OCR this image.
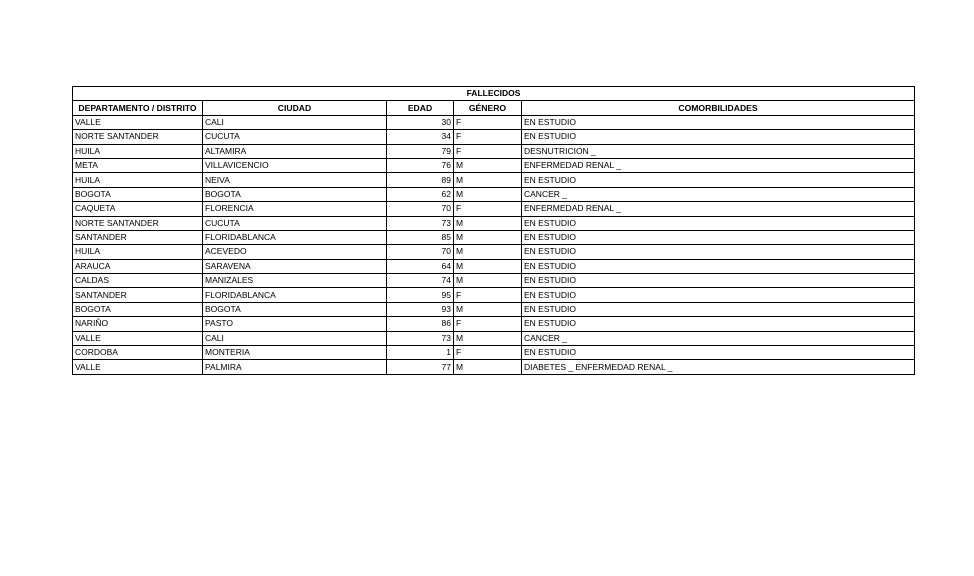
FALLECIDOS				
DEPARTAMENTO / DISTRITO	CIUDAD	EDAD	GÉNERO	COMORBILIDADES
VALLE	CALI	30	F	EN ESTUDIO
NORTE SANTANDER	CUCUTA	34	F	EN ESTUDIO
HUILA	ALTAMIRA	79	F	DESNUTRICION _
META	VILLAVICENCIO	76	M	ENFERMEDAD RENAL _
HUILA	NEIVA	89	M	EN ESTUDIO
BOGOTA	BOGOTA	62	M	CANCER _
CAQUETA	FLORENCIA	70	F	ENFERMEDAD RENAL _
NORTE SANTANDER	CUCUTA	73	M	EN ESTUDIO
SANTANDER	FLORIDABLANCA	85	M	EN ESTUDIO
HUILA	ACEVEDO	70	M	EN ESTUDIO
ARAUCA	SARAVENA	64	M	EN ESTUDIO
CALDAS	MANIZALES	74	M	EN ESTUDIO
SANTANDER	FLORIDABLANCA	95	F	EN ESTUDIO
BOGOTA	BOGOTA	93	M	EN ESTUDIO
NARIÑO	PASTO	86	F	EN ESTUDIO
VALLE	CALI	73	M	CANCER _
CORDOBA	MONTERIA	1	F	EN ESTUDIO
VALLE	PALMIRA	77	M	DIABETES _ ENFERMEDAD RENAL _
